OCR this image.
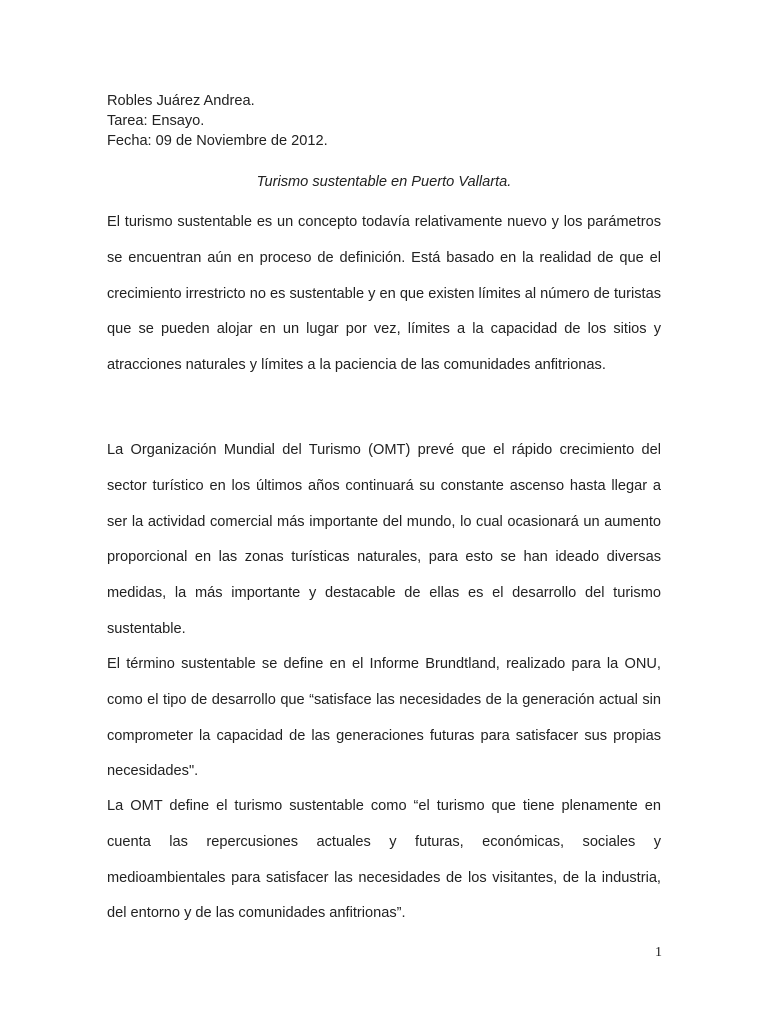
Robles Juárez Andrea.
Tarea: Ensayo.
Fecha: 09 de Noviembre de 2012.
Turismo sustentable en Puerto Vallarta.

El turismo sustentable es un concepto todavía relativamente nuevo y los parámetros se encuentran aún en proceso de definición. Está basado en la realidad de que el crecimiento irrestricto no es sustentable y en que existen límites al número de turistas que se pueden alojar en un lugar por vez, límites a la capacidad de los sitios y atracciones naturales y límites a la paciencia de las comunidades anfitrionas.

La Organización Mundial del Turismo (OMT) prevé que el rápido crecimiento del sector turístico en los últimos años continuará su constante ascenso hasta llegar a ser la actividad comercial más importante del mundo, lo cual ocasionará un aumento proporcional en las zonas turísticas naturales, para esto se han ideado diversas medidas, la más importante y destacable de ellas es el desarrollo del turismo sustentable.

El término sustentable se define en el Informe Brundtland, realizado para la ONU, como el tipo de desarrollo que “satisface las necesidades de la generación actual sin comprometer la capacidad de las generaciones futuras para satisfacer sus propias necesidades".

La OMT define el turismo sustentable como “el turismo que tiene plenamente en cuenta las repercusiones actuales y futuras, económicas, sociales y medioambientales para satisfacer las necesidades de los visitantes, de la industria, del entorno y de las comunidades anfitrionas”.

1
